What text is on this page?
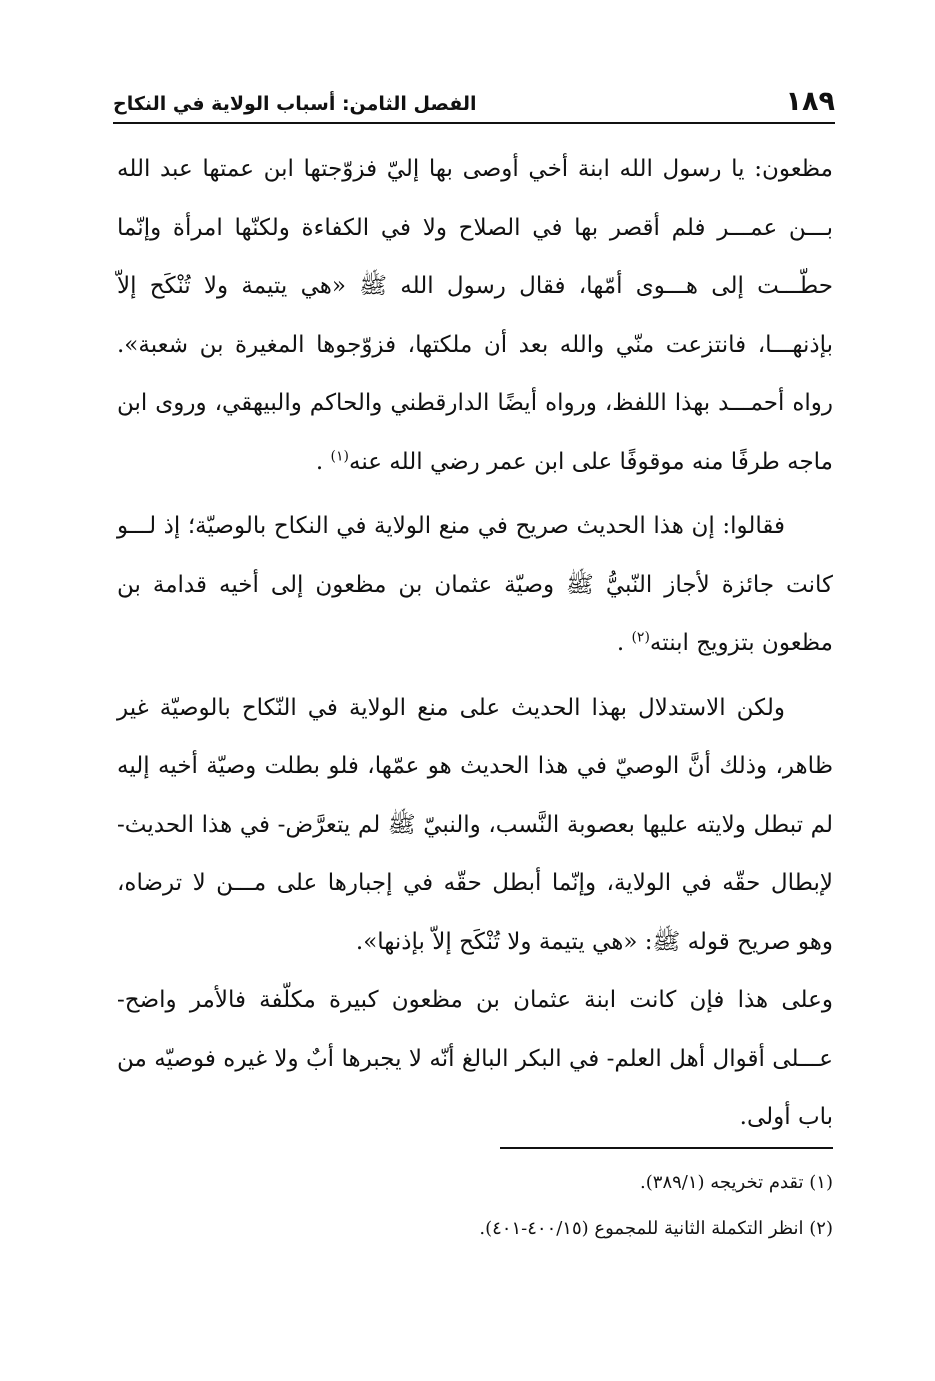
١٨٩
الفصل الثامن: أسباب الولاية في النكاح

مظعون: يا رسول الله ابنة أخي أوصى بها إليّ فزوّجتها ابن عمتها عبد الله بـــن عمـــر فلم أقصر بها في الصلاح ولا في الكفاءة ولكنّها امرأة وإنّما حطّـــت إلى هـــوى أمّها، فقال رسول الله ﷺ «هي يتيمة ولا تُنْكَح إلاّ بإذنهـــا، فانتزعت منّي والله بعد أن ملكتها، فزوّجوها المغيرة بن شعبة». رواه أحمـــد بهذا اللفظ، ورواه أيضًا الدارقطني والحاكم والبيهقي، وروى ابن ماجه طرفًا منه موقوفًا على ابن عمر رضي الله عنه$^{(١)}$ .

فقالوا: إن هذا الحديث صريح في منع الولاية في النكاح بالوصيّة؛ إذ لـــو كانت جائزة لأجاز النّبيُّ ﷺ وصيّة عثمان بن مظعون إلى أخيه قدامة بن مظعون بتزويج ابنته$^{(٢)}$ .

ولكن الاستدلال بهذا الحديث على منع الولاية في النّكاح بالوصيّة غير ظاهر، وذلك أنَّ الوصيّ في هذا الحديث هو عمّها، فلو بطلت وصيّة أخيه إليه لم تبطل ولايته عليها بعصوبة النَّسب، والنبيّ ﷺ لم يتعرَّض- في هذا الحديث- لإبطال حقّه في الولاية، وإنّما أبطل حقّه في إجبارها على مـــن لا ترضاه، وهو صريح قوله ﷺ: «هي يتيمة ولا تُنْكَح إلاّ بإذنها».

وعلى هذا فإن كانت ابنة عثمان بن مظعون كبيرة مكلّفة فالأمر واضح- عـــلى أقوال أهل العلم- في البكر البالغ أنّه لا يجبرها أبٌ ولا غيره فوصيّه من باب أولى.

(١) تقدم تخريجه (٣٨٩/١).

(٢) انظر التكملة الثانية للمجموع (٤٠٠/١٥-٤٠١).
